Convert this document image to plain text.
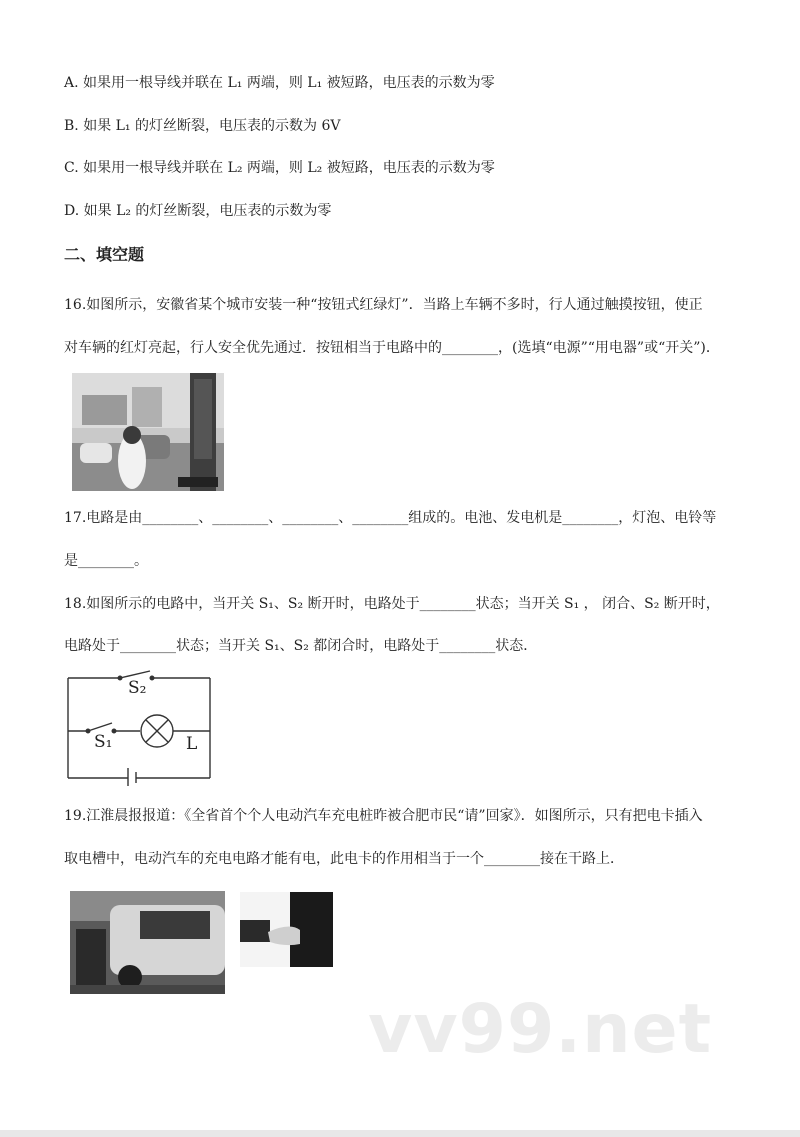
A. 如果用一根导线并联在 L₁ 两端，则 L₁ 被短路，电压表的示数为零
B. 如果 L₁ 的灯丝断裂，电压表的示数为 6V
C. 如果用一根导线并联在 L₂ 两端，则 L₂ 被短路，电压表的示数为零
D. 如果 L₂ 的灯丝断裂，电压表的示数为零
二、填空题
16.如图所示，安徽省某个城市安装一种“按钮式红绿灯”．当路上车辆不多时，行人通过触摸按钮，使正
对车辆的红灯亮起，行人安全优先通过．按钮相当于电路中的________，(选填“电源”“用电器”或“开关”)．
17.电路是由________、________、________、________组成的。电池、发电机是________，灯泡、电铃等
是________。
18.如图所示的电路中，当开关 S₁、S₂ 断开时，电路处于________状态；当开关 S₁ ， 闭合、S₂ 断开时，
电路处于________状态；当开关 S₁、S₂ 都闭合时，电路处于________状态．
S₂
S₁	L
19.江淮晨报报道：《全省首个个人电动汽车充电桩昨被合肥市民“请”回家》．如图所示，只有把电卡插入
取电槽中，电动汽车的充电电路才能有电，此电卡的作用相当于一个________接在干路上．
vv99.net
